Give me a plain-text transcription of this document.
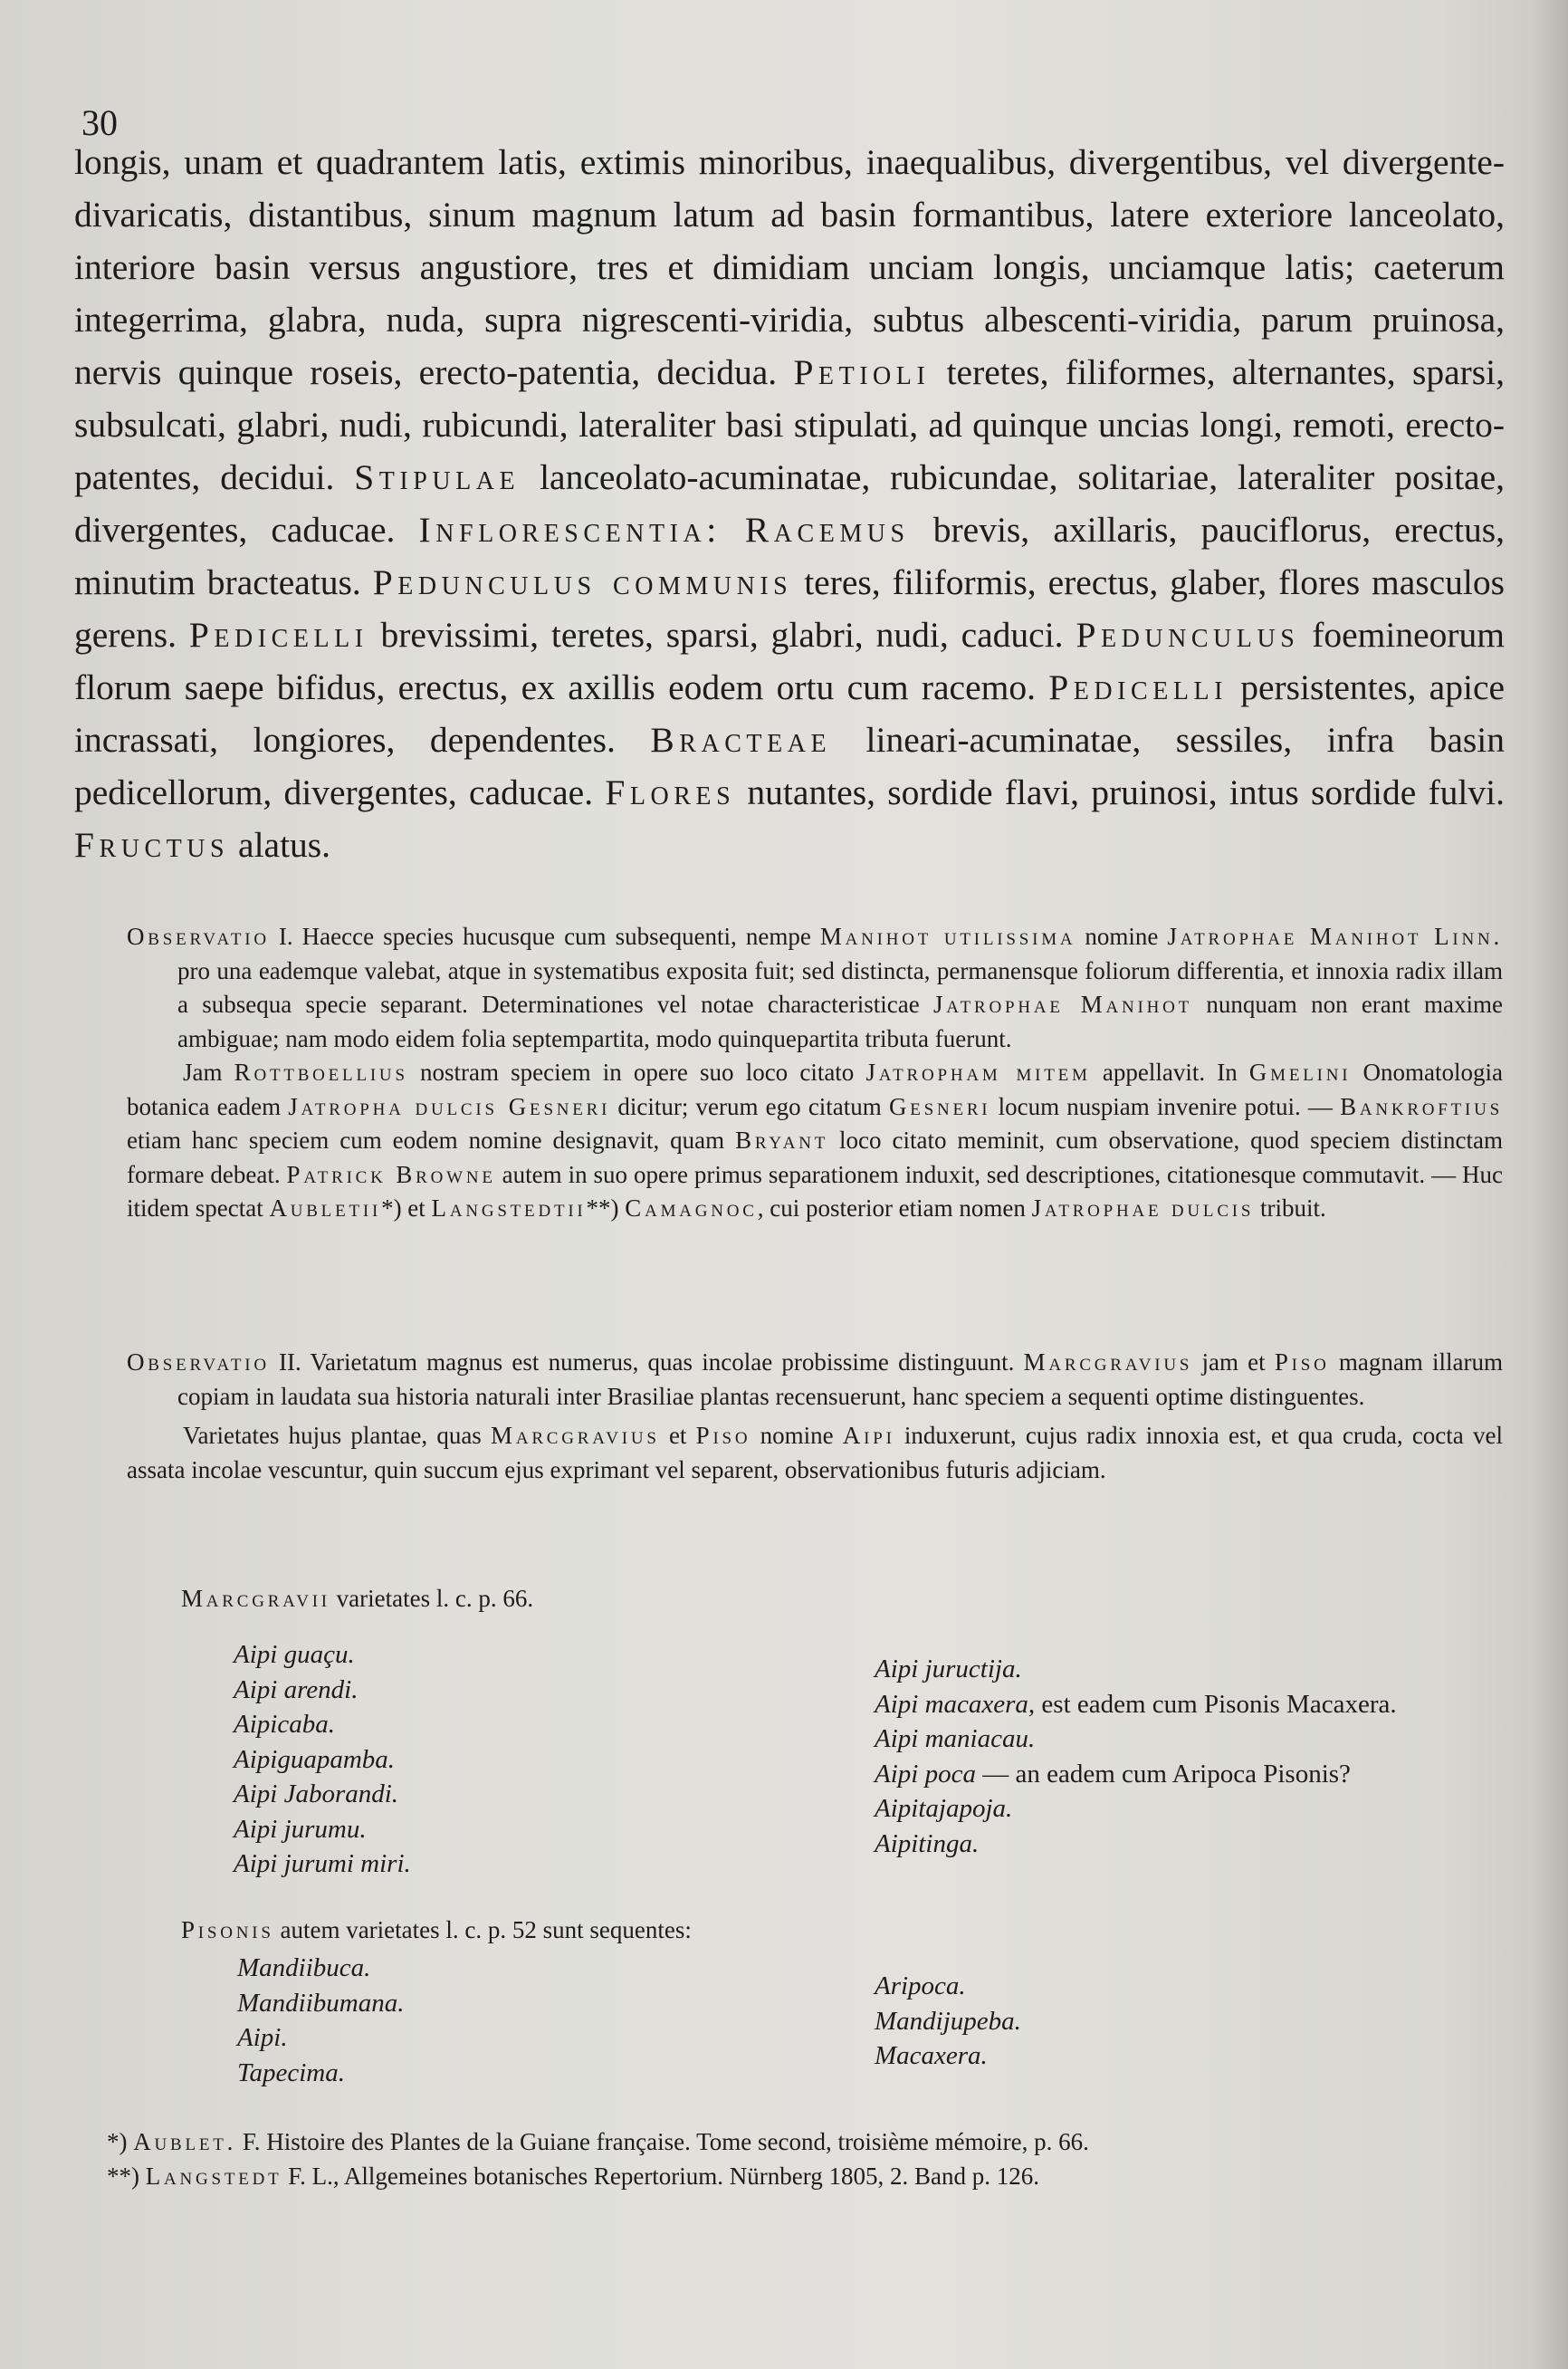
30
longis, unam et quadrantem latis, extimis minoribus, inaequalibus, divergentibus, vel divergente-divaricatis, distantibus, sinum magnum latum ad basin formantibus, latere exteriore lanceolato, interiore basin versus angustiore, tres et dimidiam unciam longis, unciamque latis; caeterum integerrima, glabra, nuda, supra nigrescenti-viridia, subtus albescenti-viridia, parum pruinosa, nervis quinque roseis, erecto-patentia, decidua. Petioli teretes, filiformes, alternantes, sparsi, subsulcati, glabri, nudi, rubicundi, lateraliter basi stipulati, ad quinque uncias longi, remoti, erecto-patentes, decidui. Stipulae lanceolato-acuminatae, rubicundae, solitariae, lateraliter positae, divergentes, caducae. Inflorescentia: Racemus brevis, axillaris, pauciflorus, erectus, minutim bracteatus. Pedunculus communis teres, filiformis, erectus, glaber, flores masculos gerens. Pedicelli brevissimi, teretes, sparsi, glabri, nudi, caduci. Pedunculus foemineorum florum saepe bifidus, erectus, ex axillis eodem ortu cum racemo. Pedicelli persistentes, apice incrassati, longiores, dependentes. Bracteae lineari-acuminatae, sessiles, infra basin pedicellorum, divergentes, caducae. Flores nutantes, sordide flavi, pruinosi, intus sordide fulvi. Fructus alatus.

Observatio I. Haecce species hucusque cum subsequenti, nempe Manihot utilissima nomine Jatrophae Manihot Linn. pro una eademque valebat, atque in systematibus exposita fuit; sed distincta, permanensque foliorum differentia, et innoxia radix illam a subsequa specie separant. Determinationes vel notae characteristicae Jatrophae Manihot nunquam non erant maxime ambiguae; nam modo eidem folia septempartita, modo quinquepartita tributa fuerunt.

Jam Rottboellius nostram speciem in opere suo loco citato Jatropham mitem appellavit. In Gmelini Onomatologia botanica eadem Jatropha dulcis Gesneri dicitur; verum ego citatum Gesneri locum nuspiam invenire potui. — Bankroftius etiam hanc speciem cum eodem nomine designavit, quam Bryant loco citato meminit, cum observatione, quod speciem distinctam formare debeat. Patrick Browne autem in suo opere primus separationem induxit, sed descriptiones, citationesque commutavit. — Huc itidem spectat Aubletii*) et Langstedtii**) Camagnoc, cui posterior etiam nomen Jatrophae dulcis tribuit.

Observatio II. Varietatum magnus est numerus, quas incolae probissime distinguunt. Marcgravius jam et Piso magnam illarum copiam in laudata sua historia naturali inter Brasiliae plantas recensuerunt, hanc speciem a sequenti optime distinguentes.

Varietates hujus plantae, quas Marcgravius et Piso nomine Aipi induxerunt, cujus radix innoxia est, et qua cruda, cocta vel assata incolae vescuntur, quin succum ejus exprimant vel separent, observationibus futuris adjiciam.

Marcgravii varietates l. c. p. 66.
Aipi guaçu.
Aipi arendi.
Aipicaba.
Aipiguapamba.
Aipi Jaborandi.
Aipi jurumu.
Aipi jurumi miri.
Aipi juructija.
Aipi macaxera, est eadem cum Pisonis Macaxera.
Aipi maniacau.
Aipi poca — an eadem cum Aripoca Pisonis?
Aipitajapoja.
Aipitinga.
Pisonis autem varietates l. c. p. 52 sunt sequentes:
Mandiibuca.
Mandiibumana.
Aipi.
Tapecima.
Aripoca.
Mandijupeba.
Macaxera.
*) Aublet. F. Histoire des Plantes de la Guiane française. Tome second, troisième mémoire, p. 66.
**) Langstedt F. L., Allgemeines botanisches Repertorium. Nürnberg 1805, 2. Band p. 126.
